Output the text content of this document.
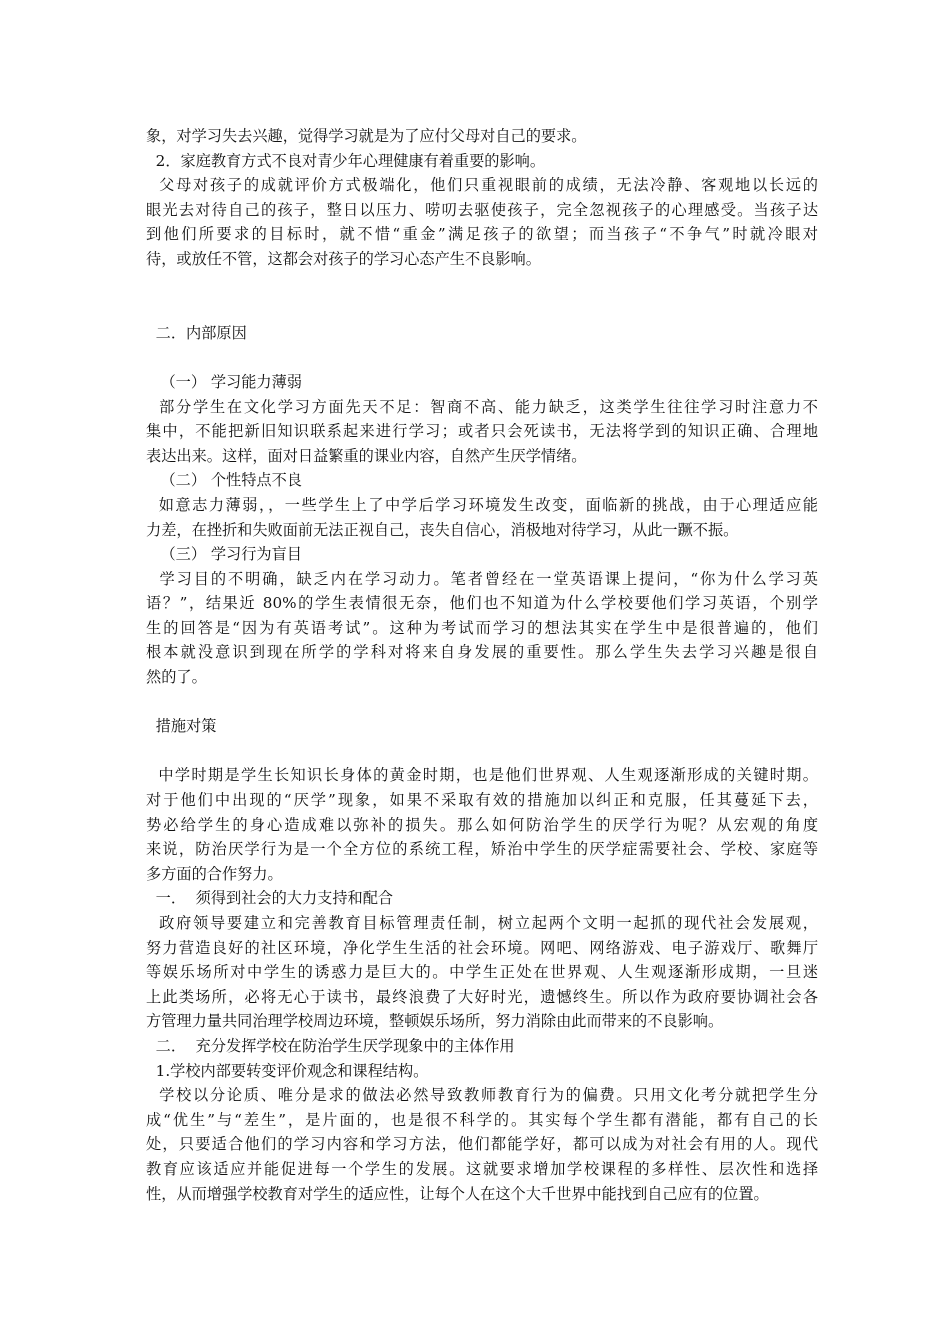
象，对学习失去兴趣，觉得学习就是为了应付父母对自己的要求。
2．家庭教育方式不良对青少年心理健康有着重要的影响。
父母对孩子的成就评价方式极端化，他们只重视眼前的成绩，无法冷静、客观地以长远的
眼光去对待自己的孩子，整日以压力、唠叨去驱使孩子，完全忽视孩子的心理感受。当孩子达
到他们所要求的目标时，就不惜“重金”满足孩子的欲望；而当孩子“不争气”时就冷眼对
待，或放任不管，这都会对孩子的学习心态产生不良影响。
二．内部原因
（一） 学习能力薄弱
部分学生在文化学习方面先天不足：智商不高、能力缺乏，这类学生往往学习时注意力不
集中，不能把新旧知识联系起来进行学习；或者只会死读书，无法将学到的知识正确、合理地
表达出来。这样，面对日益繁重的课业内容，自然产生厌学情绪。
（二） 个性特点不良
如意志力薄弱，，一些学生上了中学后学习环境发生改变，面临新的挑战，由于心理适应能
力差，在挫折和失败面前无法正视自己，丧失自信心，消极地对待学习，从此一蹶不振。
（三） 学习行为盲目
学习目的不明确，缺乏内在学习动力。笔者曾经在一堂英语课上提问，“你为什么学习英
语？”，结果近 80%的学生表情很无奈，他们也不知道为什么学校要他们学习英语，个别学
生的回答是“因为有英语考试”。这种为考试而学习的想法其实在学生中是很普遍的，他们
根本就没意识到现在所学的学科对将来自身发展的重要性。那么学生失去学习兴趣是很自
然的了。
措施对策
中学时期是学生长知识长身体的黄金时期，也是他们世界观、人生观逐渐形成的关键时期。
对于他们中出现的“厌学”现象，如果不采取有效的措施加以纠正和克服，任其蔓延下去，
势必给学生的身心造成难以弥补的损失。那么如何防治学生的厌学行为呢？从宏观的角度
来说，防治厌学行为是一个全方位的系统工程，矫治中学生的厌学症需要社会、学校、家庭等
多方面的合作努力。
一．  须得到社会的大力支持和配合
政府领导要建立和完善教育目标管理责任制，树立起两个文明一起抓的现代社会发展观，
努力营造良好的社区环境，净化学生生活的社会环境。网吧、网络游戏、电子游戏厅、歌舞厅
等娱乐场所对中学生的诱惑力是巨大的。中学生正处在世界观、人生观逐渐形成期，一旦迷
上此类场所，必将无心于读书，最终浪费了大好时光，遗憾终生。所以作为政府要协调社会各
方管理力量共同治理学校周边环境，整顿娱乐场所，努力消除由此而带来的不良影响。
二．  充分发挥学校在防治学生厌学现象中的主体作用
1.学校内部要转变评价观念和课程结构。
学校以分论质、唯分是求的做法必然导致教师教育行为的偏费。只用文化考分就把学生分
成“优生”与“差生”，是片面的，也是很不科学的。其实每个学生都有潜能，都有自己的长
处，只要适合他们的学习内容和学习方法，他们都能学好，都可以成为对社会有用的人。现代
教育应该适应并能促进每一个学生的发展。这就要求增加学校课程的多样性、层次性和选择
性，从而增强学校教育对学生的适应性，让每个人在这个大千世界中能找到自己应有的位置。
